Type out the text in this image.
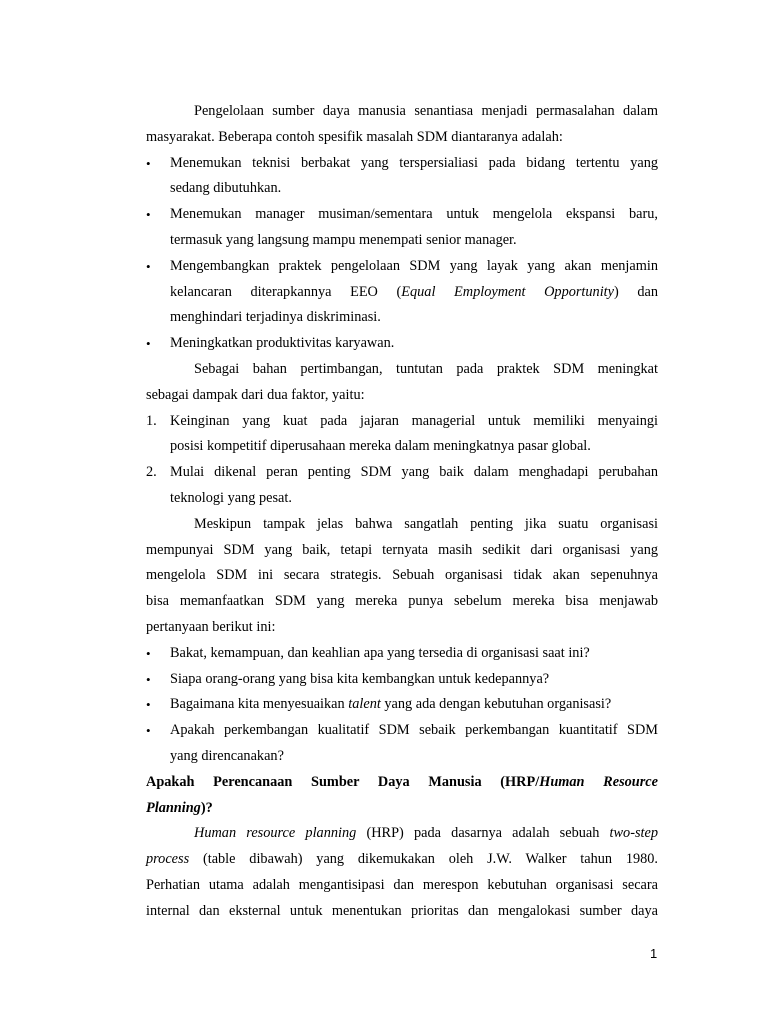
Pengelolaan sumber daya manusia senantiasa menjadi permasalahan dalam
masyarakat. Beberapa contoh spesifik masalah SDM diantaranya adalah:
• Menemukan teknisi berbakat yang terspersialiasi pada bidang tertentu yang
sedang dibutuhkan.
• Menemukan manager musiman/sementara untuk mengelola ekspansi baru,
termasuk yang langsung mampu menempati senior manager.
• Mengembangkan praktek pengelolaan SDM yang layak yang akan menjamin
kelancaran diterapkannya EEO (Equal Employment Opportunity) dan
menghindari terjadinya diskriminasi.
• Meningkatkan produktivitas karyawan.
Sebagai bahan pertimbangan, tuntutan pada praktek SDM meningkat
sebagai dampak dari dua faktor, yaitu:
1. Keinginan yang kuat pada jajaran managerial untuk memiliki menyaingi
posisi kompetitif diperusahaan mereka dalam meningkatnya pasar global.
2. Mulai dikenal peran penting SDM yang baik dalam menghadapi perubahan
teknologi yang pesat.
Meskipun tampak jelas bahwa sangatlah penting jika suatu organisasi
mempunyai SDM yang baik, tetapi ternyata masih sedikit dari organisasi yang
mengelola SDM ini secara strategis. Sebuah organisasi tidak akan sepenuhnya
bisa memanfaatkan SDM yang mereka punya sebelum mereka bisa menjawab
pertanyaan berikut ini:
• Bakat, kemampuan, dan keahlian apa yang tersedia di organisasi saat ini?
• Siapa orang-orang yang bisa kita kembangkan untuk kedepannya?
• Bagaimana kita menyesuaikan talent yang ada dengan kebutuhan organisasi?
• Apakah perkembangan kualitatif SDM sebaik perkembangan kuantitatif SDM
yang direncanakan?
Apakah Perencanaan Sumber Daya Manusia (HRP/Human Resource
Planning)?
Human resource planning (HRP) pada dasarnya adalah sebuah two-step
process (table dibawah) yang dikemukakan oleh J.W. Walker tahun 1980.
Perhatian utama adalah mengantisipasi dan merespon kebutuhan organisasi secara
internal dan eksternal untuk menentukan prioritas dan mengalokasi sumber daya
1
